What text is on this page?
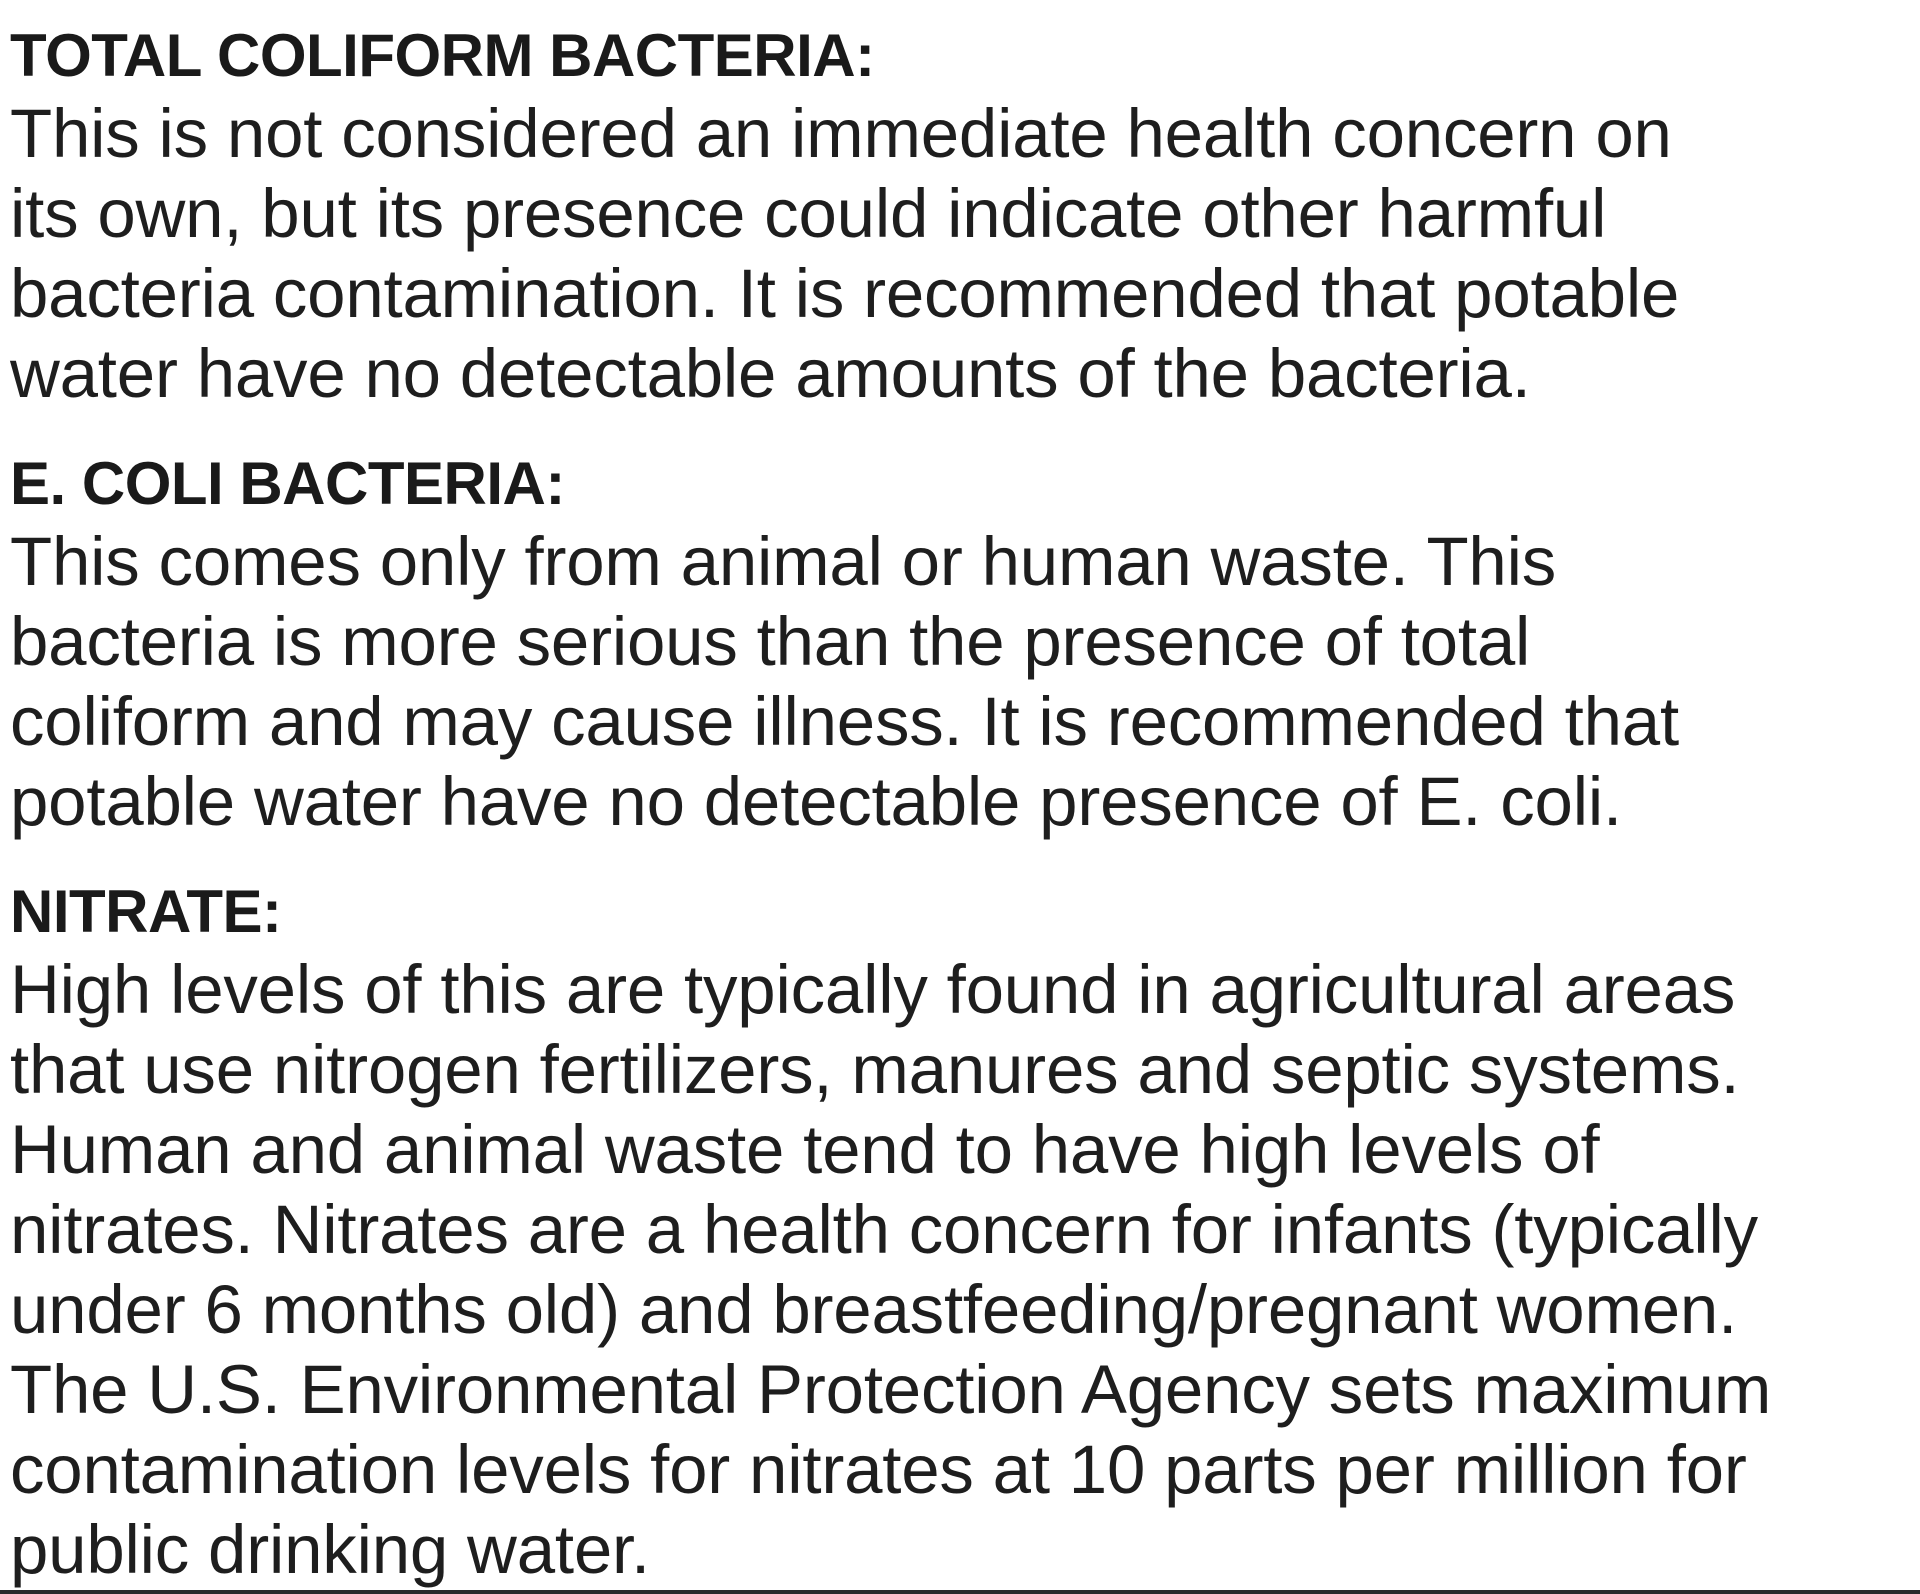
TOTAL COLIFORM BACTERIA:

This is not considered an immediate health concern on
its own, but its presence could indicate other harmful
bacteria contamination. It is recommended that potable
water have no detectable amounts of the bacteria.

E. COLI BACTERIA:

This comes only from animal or human waste. This
bacteria is more serious than the presence of total
coliform and may cause illness. It is recommended that
potable water have no detectable presence of E. coli.

NITRATE:

High levels of this are typically found in agricultural areas
that use nitrogen fertilizers, manures and septic systems.
Human and animal waste tend to have high levels of
nitrates. Nitrates are a health concern for infants (typically
under 6 months old) and breastfeeding/pregnant women.
The U.S. Environmental Protection Agency sets maximum
contamination levels for nitrates at 10 parts per million for
public drinking water.
